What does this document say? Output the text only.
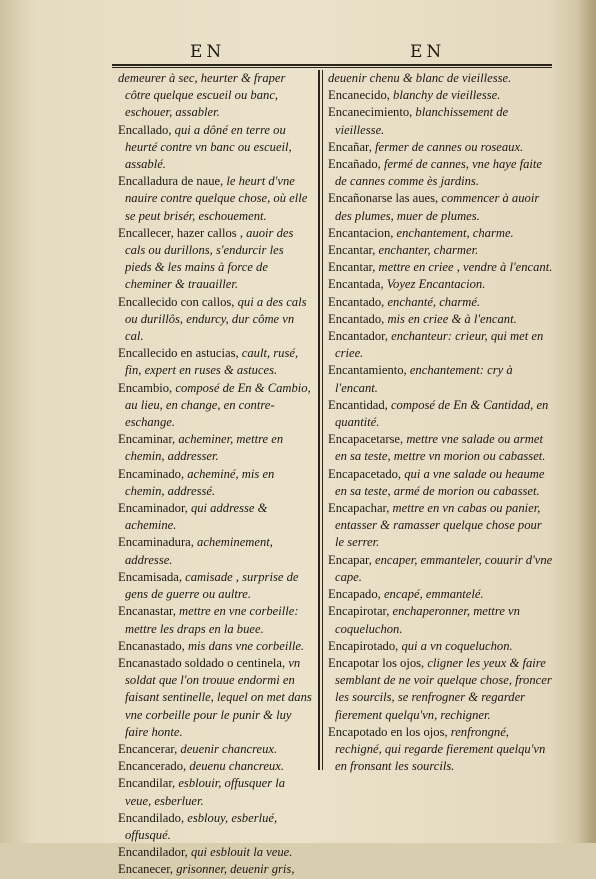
EN	EN

demeurer à sec, heurter & fraper côtre quelque escueil ou banc, eschouer, assabler.

Encallado, qui a dôné en terre ou heurté contre vn banc ou escueil, assablé.

Encalladura de naue, le heurt d'vne nauire contre quelque chose, où elle se peut brisér, eschouement.

Encallecer, hazer callos , auoir des cals ou durillons, s'endurcir les pieds & les mains à force de cheminer & trauailler.

Encallecido con callos, qui a des cals ou durillôs, endurcy, dur côme vn cal.

Encallecido en astucias, cault, rusé, fin, expert en ruses & astuces.

Encambio, composé de En & Cambio, au lieu, en change, en contre-eschange.

Encaminar, acheminer, mettre en chemin, addresser.

Encaminado, acheminé, mis en chemin, addressé.

Encaminador, qui addresse & achemine.

Encaminadura, acheminement, addresse.

Encamisada, camisade , surprise de gens de guerre ou aultre.

Encanastar, mettre en vne corbeille: mettre les draps en la buee.

Encanastado, mis dans vne corbeille.

Encanastado soldado o centinela, vn soldat que l'on trouue endormi en faisant sentinelle, lequel on met dans vne corbeille pour le punir & luy faire honte.

Encancerar, deuenir chancreux.

Encancerado, deuenu chancreux.

Encandilar, esblouir, offusquer la veue, esberluer.

Encandilado, esblouy, esberlué, offusqué.

Encandilador, qui esblouit la veue.

Encanecer, grisonner, deuenir gris,

deuenir chenu & blanc de vieillesse.

Encanecido, blanchy de vieillesse.

Encanecimiento, blanchissement de vieillesse.

Encañar, fermer de cannes ou roseaux.

Encañado, fermé de cannes, vne haye faite de cannes comme ès jardins.

Encañonarse las aues, commencer à auoir des plumes, muer de plumes.

Encantacion, enchantement, charme.

Encantar, enchanter, charmer.

Encantar, mettre en criee , vendre à l'encant.

Encantada, Voyez Encantacion.

Encantado, enchanté, charmé.

Encantado, mis en criee & à l'encant.

Encantador, enchanteur: crieur, qui met en criee.

Encantamiento, enchantement: cry à l'encant.

Encantidad, composé de En & Cantidad, en quantité.

Encapacetarse, mettre vne salade ou armet en sa teste, mettre vn morion ou cabasset.

Encapacetado, qui a vne salade ou heaume en sa teste, armé de morion ou cabasset.

Encapachar, mettre en vn cabas ou panier, entasser & ramasser quelque chose pour le serrer.

Encapar, encaper, emmanteler, couurir d'vne cape.

Encapado, encapé, emmantelé.

Encapirotar, enchaperonner, mettre vn coqueluchon.

Encapirotado, qui a vn coqueluchon.

Encapotar los ojos, cligner les yeux & faire semblant de ne voir quelque chose, froncer les sourcils, se renfrogner & regarder fierement quelqu'vn, rechigner.

Encapotado en los ojos, renfrongné, rechigné, qui regarde fierement quelqu'vn en fronsant les sourcils.
